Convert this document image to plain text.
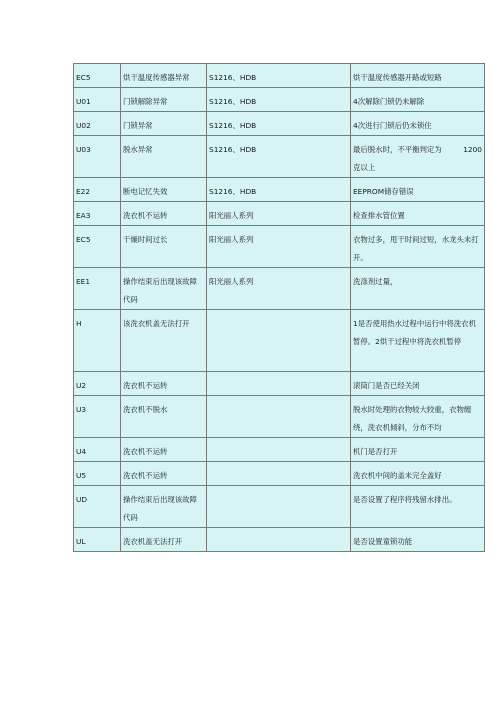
EC5	烘干温度传感器异常	S1216、HDB	烘干温度传感器开路或短路
U01	门锁解除异常	S1216、HDB	4次解除门锁仍未解除
U02	门锁异常	S1216、HDB	4次进行门锁后仍未锁住
U03	脱水异常	S1216、HDB	最后脱水时，不平衡判定为 1200
克以上

E22	断电记忆失效	S1216、HDB	EEPROM储存错误
EA3	洗衣机不运转	阳光丽人系列	检查排水管位置
EC5	干燥时间过长	阳光丽人系列	衣物过多，甩干时间过短，水龙头未打开。
EE1	操作结束后出现该故障代码	阳光丽人系列	洗涤剂过量，
H	该洗衣机盖无法打开		1是否使用热水过程中运行中将洗衣机暂停。2烘干过程中将洗衣机暂停
U2	洗衣机不运转		滚筒门是否已经关闭
U3	洗衣机不脱水		脱水时处理的衣物较大较重，衣物缠绕，洗衣机倾斜，分布不均
U4	洗衣机不运转		机门是否打开
U5	洗衣机不运转		洗衣机中间的盖未完全盖好
UD	操作结束后出现该故障代码		是否设置了程序将残留水排出。
UL	洗衣机盖无法打开		是否设置童锁功能
